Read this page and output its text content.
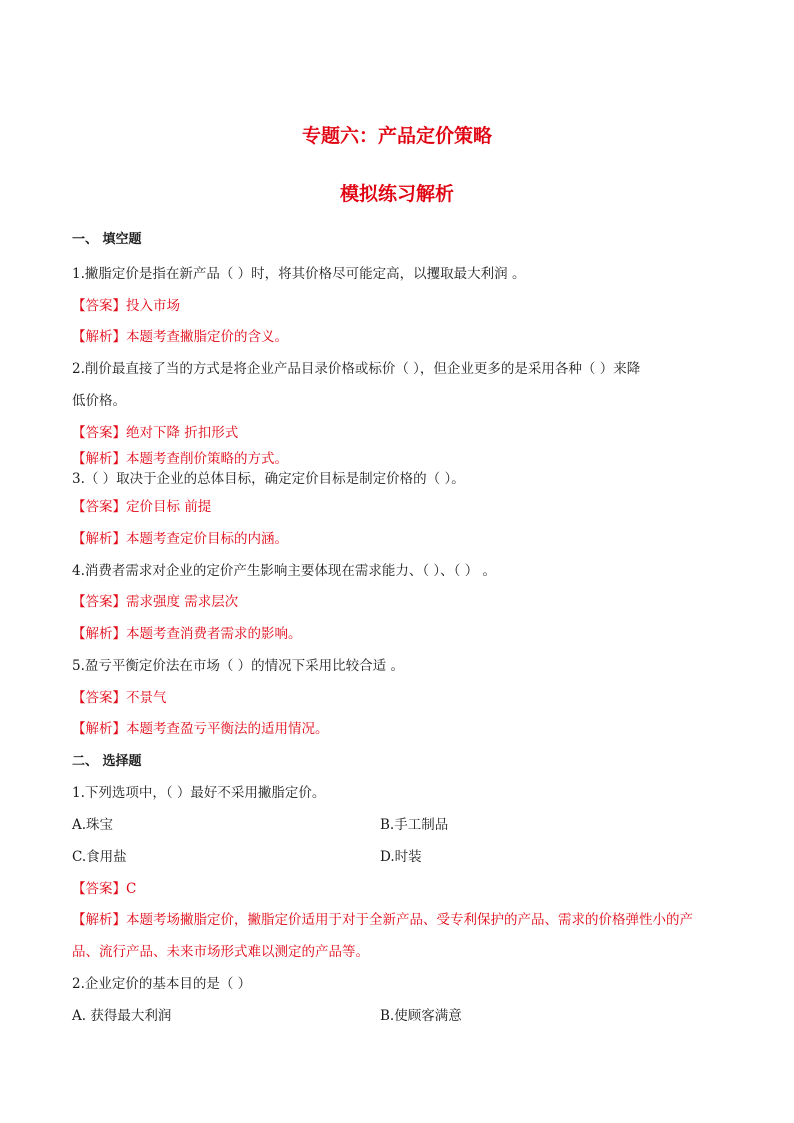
专题六：产品定价策略
模拟练习解析
一、 填空题
1.撇脂定价是指在新产品（ ）时，将其价格尽可能定高，以攫取最大利润 。
【答案】投入市场
【解析】本题考查撇脂定价的含义。
2.削价最直接了当的方式是将企业产品目录价格或标价（ ），但企业更多的是采用各种（ ）来降
低价格。
【答案】绝对下降 折扣形式
【解析】本题考查削价策略的方式。
3.（ ）取决于企业的总体目标，确定定价目标是制定价格的（ ）。
【答案】定价目标 前提
【解析】本题考查定价目标的内涵。
4.消费者需求对企业的定价产生影响主要体现在需求能力、（ ）、（ ） 。
【答案】需求强度 需求层次
【解析】本题考查消费者需求的影响。
5.盈亏平衡定价法在市场（ ）的情况下采用比较合适 。
【答案】不景气
【解析】本题考查盈亏平衡法的适用情况。
二、 选择题
1.下列选项中，（ ）最好不采用撇脂定价。
A.珠宝	B.手工制品
C.食用盐	D.时装
【答案】C
【解析】本题考场撇脂定价，撇脂定价适用于对于全新产品、受专利保护的产品、需求的价格弹性小的产
品、流行产品、未来市场形式难以测定的产品等。
2.企业定价的基本目的是（ ）
A. 获得最大利润	B.使顾客满意
